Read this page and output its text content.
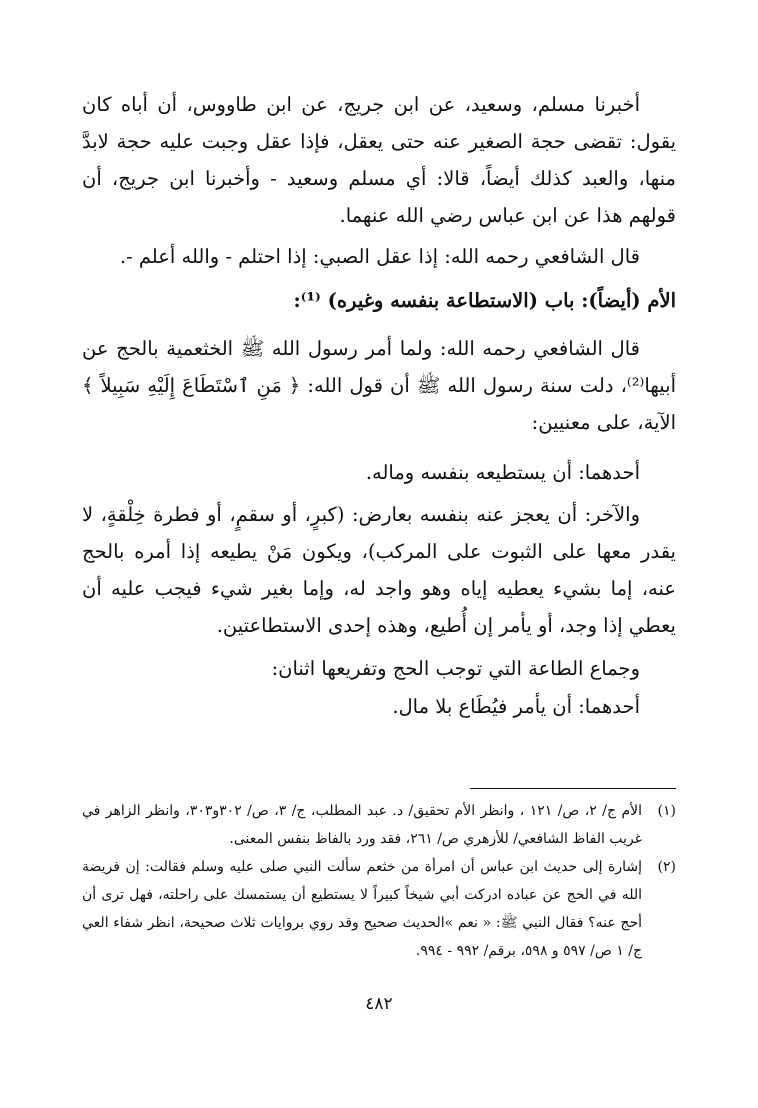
أخبرنا مسلم، وسعيد، عن ابن جريج، عن ابن طاووس، أن أباه كان يقول: تقضى حجة الصغير عنه حتى يعقل، فإذا عقل وجبت عليه حجة لابدَّ منها، والعبد كذلك أيضاً، قالا: أي مسلم وسعيد - وأخبرنا ابن جريج، أن قولهم هذا عن ابن عباس رضي الله عنهما.

قال الشافعي رحمه الله: إذا عقل الصبي: إذا احتلم - والله أعلم -.

الأم (أيضاً): باب (الاستطاعة بنفسه وغيره) ⁽¹⁾:

قال الشافعي رحمه الله: ولما أمر رسول الله ﷺ الخثعمية بالحج عن أبيها⁽²⁾، دلت سنة رسول الله ﷺ أن قول الله: ﴿ مَنِ ٱسْتَطَاعَ إِلَيْهِ سَبِيلاً ﴾ الآية، على معنيين:

أحدهما: أن يستطيعه بنفسه وماله.

والآخر: أن يعجز عنه بنفسه بعارض: (كبرٍ، أو سقمٍ، أو فطرة خِلْقةٍ، لا يقدر معها على الثبوت على المركب)، ويكون مَنْ يطيعه إذا أمره بالحج عنه، إما بشيء يعطيه إياه وهو واجد له، وإما بغير شيء فيجب عليه أن يعطي إذا وجد، أو يأمر إن أُطيع، وهذه إحدى الاستطاعتين.

وجماع الطاعة التي توجب الحج وتفريعها اثنان:

أحدهما: أن يأمر فيُطَاع بلا مال.

(١)
الأم ج/ ٢، ص/ ١٢١ ، وانظر الأم تحقيق/ د. عبد المطلب، ج/ ٣، ص/ ٣٠٢و٣٠٣، وانظر الزاهر في غريب الفاظ الشافعي/ للأزهري ص/ ٢٦١، فقد ورد بالفاظ بنفس المعنى.
(٢)
إشارة إلى حديث ابن عباس أن امرأة من خثعم سألت النبي صلى عليه وسلم فقالت: إن فريضة الله في الحج عن عباده ادركت أبي شيخاً كبيراً لا يستطيع أن يستمسك على راحلته، فهل ترى أن أحج عنه؟ فقال النبي ﷺ: « نعم »الحديث صحيح وقد روي بروايات ثلاث صحيحة، انظر شفاء العي ج/ ١ ص/ ٥٩٧ و ٥٩٨، برقم/ ٩٩٢ - ٩٩٤.
٤٨٢
